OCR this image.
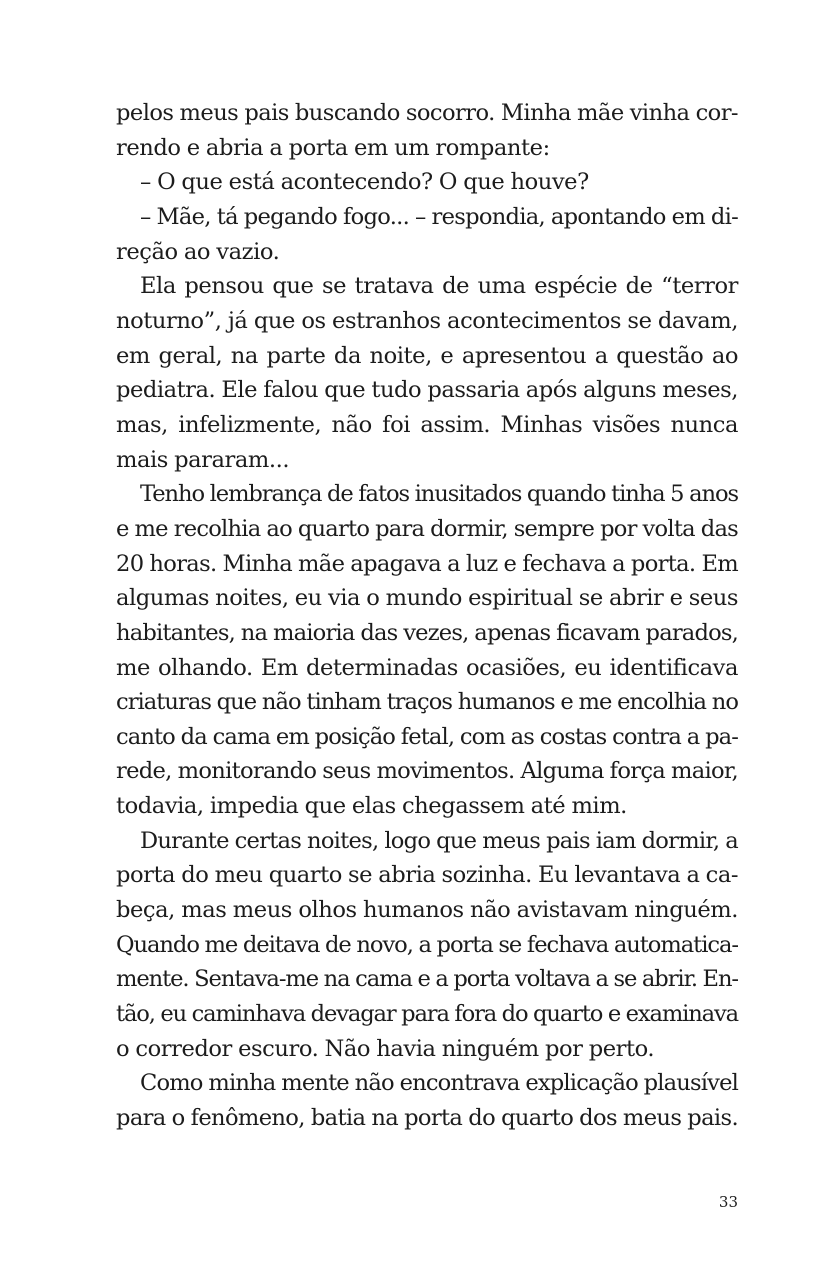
pelos meus pais buscando socorro. Minha mãe vinha cor-
rendo e abria a porta em um rompante:
– O que está acontecendo? O que houve?
– Mãe, tá pegando fogo... – respondia, apontando em di-
reção ao vazio.
Ela pensou que se tratava de uma espécie de “terror
noturno”, já que os estranhos acontecimentos se davam,
em geral, na parte da noite, e apresentou a questão ao
pediatra. Ele falou que tudo passaria após alguns meses,
mas, infelizmente, não foi assim. Minhas visões nunca
mais pararam...
Tenho lembrança de fatos inusitados quando tinha 5 anos
e me recolhia ao quarto para dormir, sempre por volta das
20 horas. Minha mãe apagava a luz e fechava a porta. Em
algumas noites, eu via o mundo espiritual se abrir e seus
habitantes, na maioria das vezes, apenas ficavam parados,
me olhando. Em determinadas ocasiões, eu identificava
criaturas que não tinham traços humanos e me encolhia no
canto da cama em posição fetal, com as costas contra a pa-
rede, monitorando seus movimentos. Alguma força maior,
todavia, impedia que elas chegassem até mim.
Durante certas noites, logo que meus pais iam dormir, a
porta do meu quarto se abria sozinha. Eu levantava a ca-
beça, mas meus olhos humanos não avistavam ninguém.
Quando me deitava de novo, a porta se fechava automatica-
mente. Sentava-me na cama e a porta voltava a se abrir. En-
tão, eu caminhava devagar para fora do quarto e examinava
o corredor escuro. Não havia ninguém por perto.
Como minha mente não encontrava explicação plausível
para o fenômeno, batia na porta do quarto dos meus pais.
33
